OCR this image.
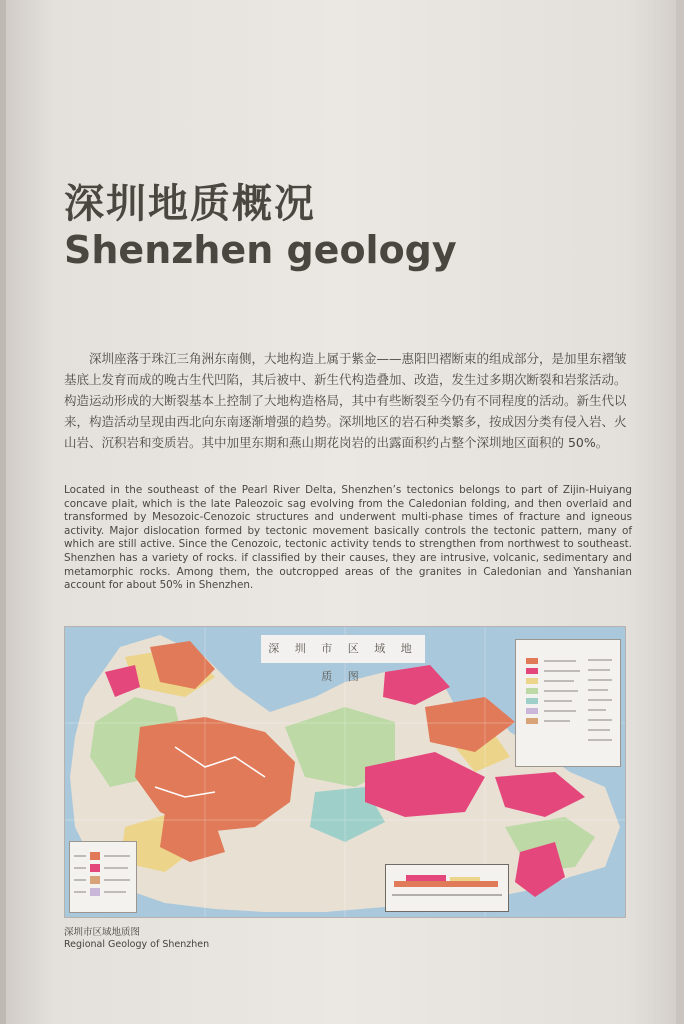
深圳地质概况
Shenzhen geology

深圳座落于珠江三角洲东南侧，大地构造上属于紫金——惠阳凹褶断束的组成部分，是加里东褶皱基底上发育而成的晚古生代凹陷，其后被中、新生代构造叠加、改造，发生过多期次断裂和岩浆活动。构造运动形成的大断裂基本上控制了大地构造格局，其中有些断裂至今仍有不同程度的活动。新生代以来，构造活动呈现由西北向东南逐渐增强的趋势。深圳地区的岩石种类繁多，按成因分类有侵入岩、火山岩、沉积岩和变质岩。其中加里东期和燕山期花岗岩的出露面积约占整个深圳地区面积的 50%。

Located in the southeast of the Pearl River Delta, Shenzhen’s tectonics belongs to part of Zijin-Huiyang concave plait, which is the late Paleozoic sag evolving from the Caledonian folding, and then overlaid and transformed by Mesozoic-Cenozoic structures and underwent multi-phase times of fracture and igneous activity. Major dislocation formed by tectonic movement basically controls the tectonic pattern, many of which are still active. Since the Cenozoic, tectonic activity tends to strengthen from northwest to southeast. Shenzhen has a variety of rocks. if classified by their causes, they are intrusive, volcanic, sedimentary and metamorphic rocks. Among them, the outcropped areas of the granites in Caledonian and Yanshanian account for about 50% in Shenzhen.

深 圳 市 区 域 地 质 图

深圳市区域地质图

Regional Geology of Shenzhen
